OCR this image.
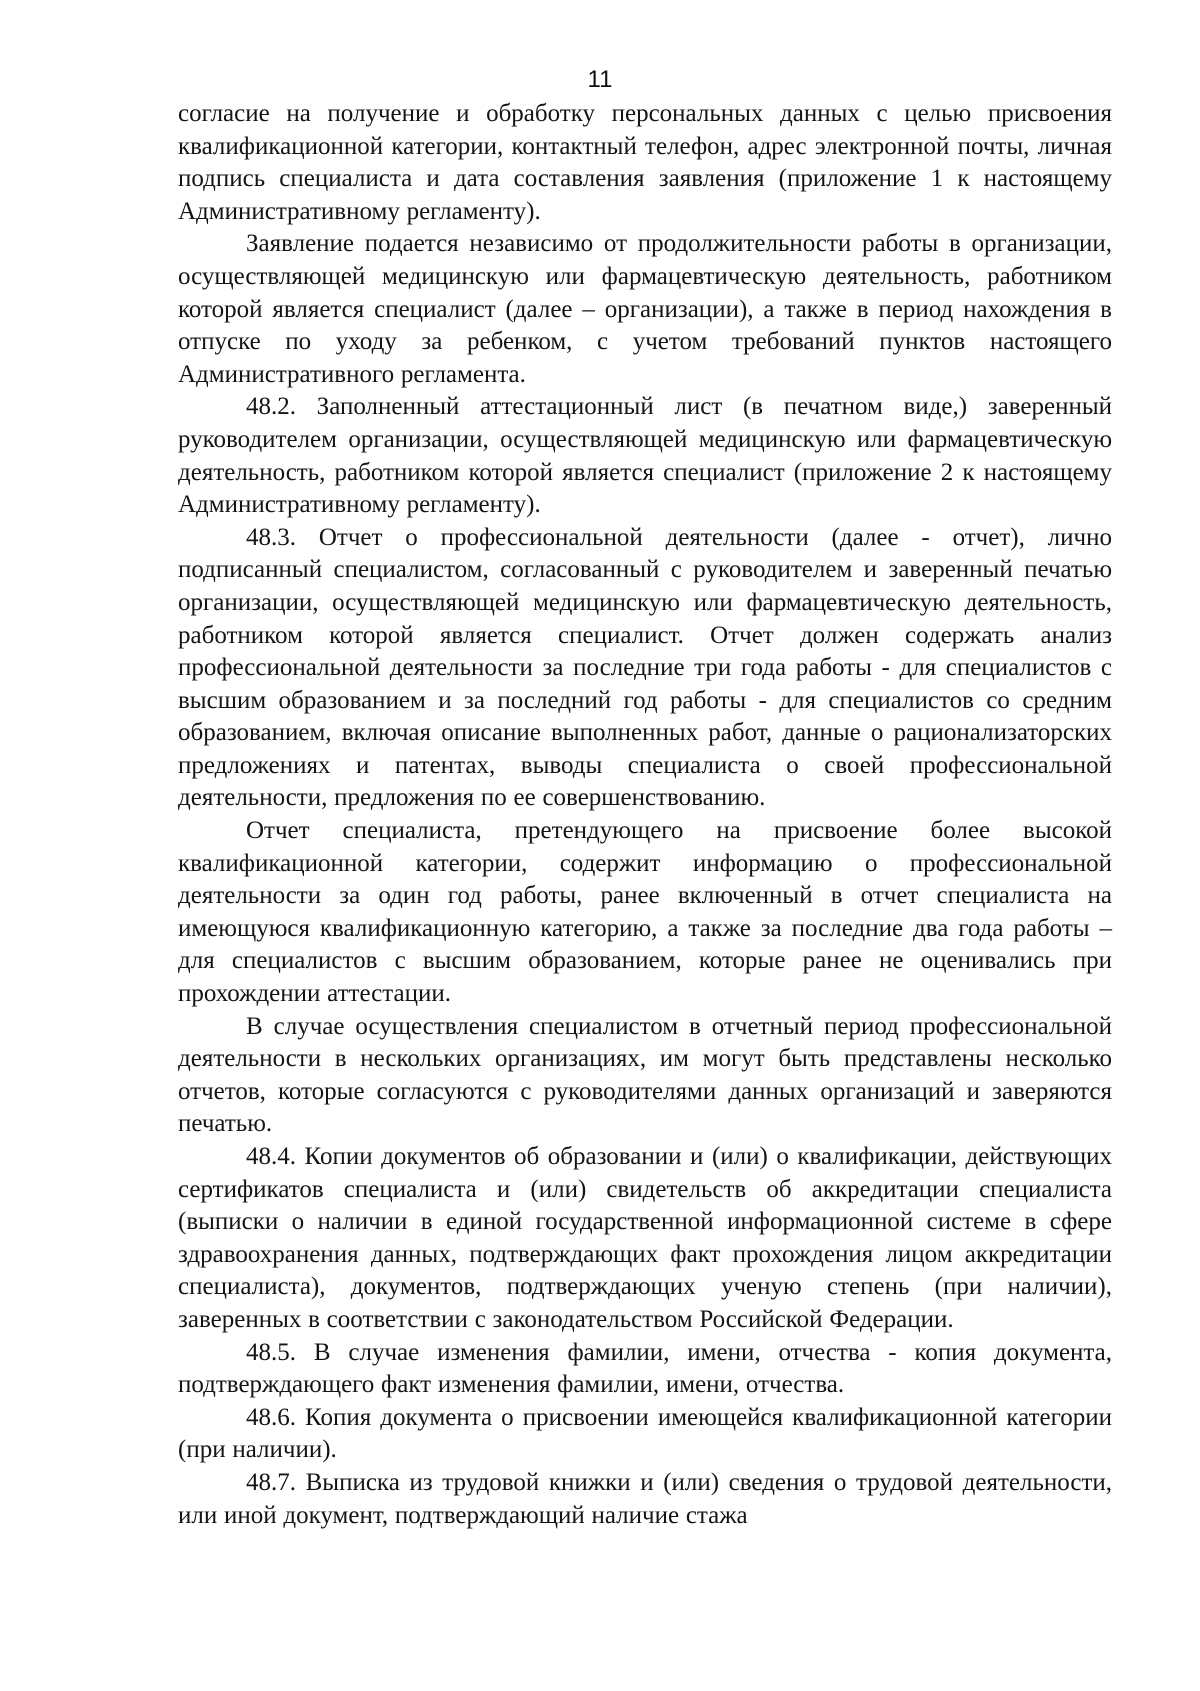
11

согласие на получение и обработку персональных данных с целью присвоения квалификационной категории, контактный телефон, адрес электронной почты, личная подпись специалиста и дата составления заявления (приложение 1 к настоящему Административному регламенту).

Заявление подается независимо от продолжительности работы в организации, осуществляющей медицинскую или фармацевтическую деятельность, работником которой является специалист (далее – организации), а также в период нахождения в отпуске по уходу за ребенком, с учетом требований пунктов настоящего Административного регламента.

48.2. Заполненный аттестационный лист (в печатном виде,) заверенный руководителем организации, осуществляющей медицинскую или фармацевтическую деятельность, работником которой является специалист (приложение 2 к настоящему Административному регламенту).

48.3. Отчет о профессиональной деятельности (далее - отчет), лично подписанный специалистом, согласованный с руководителем и заверенный печатью организации, осуществляющей медицинскую или фармацевтическую деятельность, работником которой является специалист. Отчет должен содержать анализ профессиональной деятельности за последние три года работы - для специалистов с высшим образованием и за последний год работы - для специалистов со средним образованием, включая описание выполненных работ, данные о рационализаторских предложениях и патентах, выводы специалиста о своей профессиональной деятельности, предложения по ее совершенствованию.

Отчет специалиста, претендующего на присвоение более высокой квалификационной категории, содержит информацию о профессиональной деятельности за один год работы, ранее включенный в отчет специалиста на имеющуюся квалификационную категорию, а также за последние два года работы – для специалистов с высшим образованием, которые ранее не оценивались при прохождении аттестации.

В случае осуществления специалистом в отчетный период профессиональной деятельности в нескольких организациях, им могут быть представлены несколько отчетов, которые согласуются с руководителями данных организаций и заверяются печатью.

48.4. Копии документов об образовании и (или) о квалификации, действующих сертификатов специалиста и (или) свидетельств об аккредитации специалиста (выписки о наличии в единой государственной информационной системе в сфере здравоохранения данных, подтверждающих факт прохождения лицом аккредитации специалиста), документов, подтверждающих ученую степень (при наличии), заверенных в соответствии с законодательством Российской Федерации.

48.5. В случае изменения фамилии, имени, отчества - копия документа, подтверждающего факт изменения фамилии, имени, отчества.

48.6. Копия документа о присвоении имеющейся квалификационной категории (при наличии).

48.7. Выписка из трудовой книжки и (или) сведения о трудовой деятельности, или иной документ, подтверждающий наличие стажа
